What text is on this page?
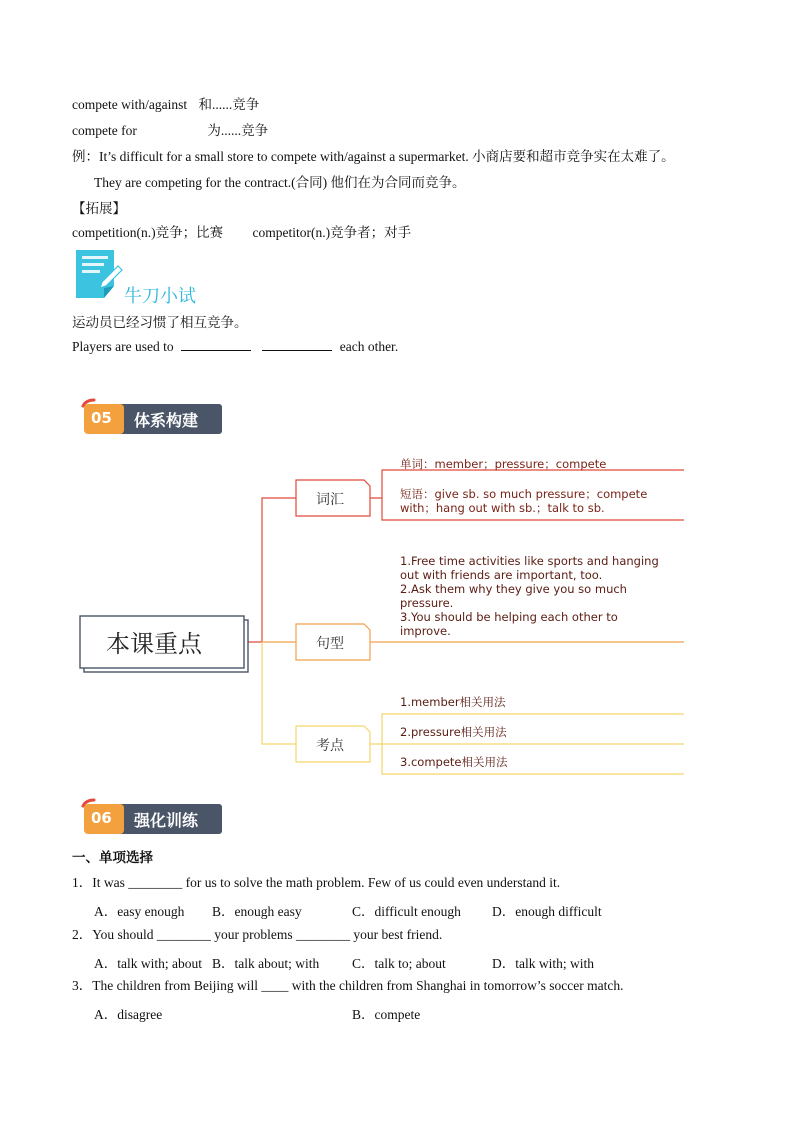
compete with/against 和......竞争
compete for	为......竞争
例：It’s difficult for a small store to compete with/against a supermarket. 小商店要和超市竞争实在太难了。
They are competing for the contract.(合同) 他们在为合同而竞争。
【拓展】
competition(n.)竞争；比赛 competitor(n.)竞争者；对手
牛刀小试
运动员已经习惯了相互竞争。
Players are used to	each other.
05 体系构建
本课重点
词汇
句型
考点
单词：member；pressure；compete
短语：give sb. so much pressure；compete
with；hang out with sb.；talk to sb.
1.Free time activities like sports and hanging
out with friends are important, too.
2.Ask them why they give you so much
pressure.
3.You should be helping each other to
improve.
1.member相关用法
2.pressure相关用法
3.compete相关用法
06 强化训练
一、单项选择
1．It was ________ for us to solve the math problem. Few of us could even understand it.
A．easy enough B．enough easy	C．difficult enough D．enough difficult
2．You should ________ your problems ________ your best friend.
A．talk with; about B．talk about; with C．talk to; about	D．talk with; with
3．The children from Beijing will ____ with the children from Shanghai in tomorrow’s soccer match.
A．disagree	B．compete
